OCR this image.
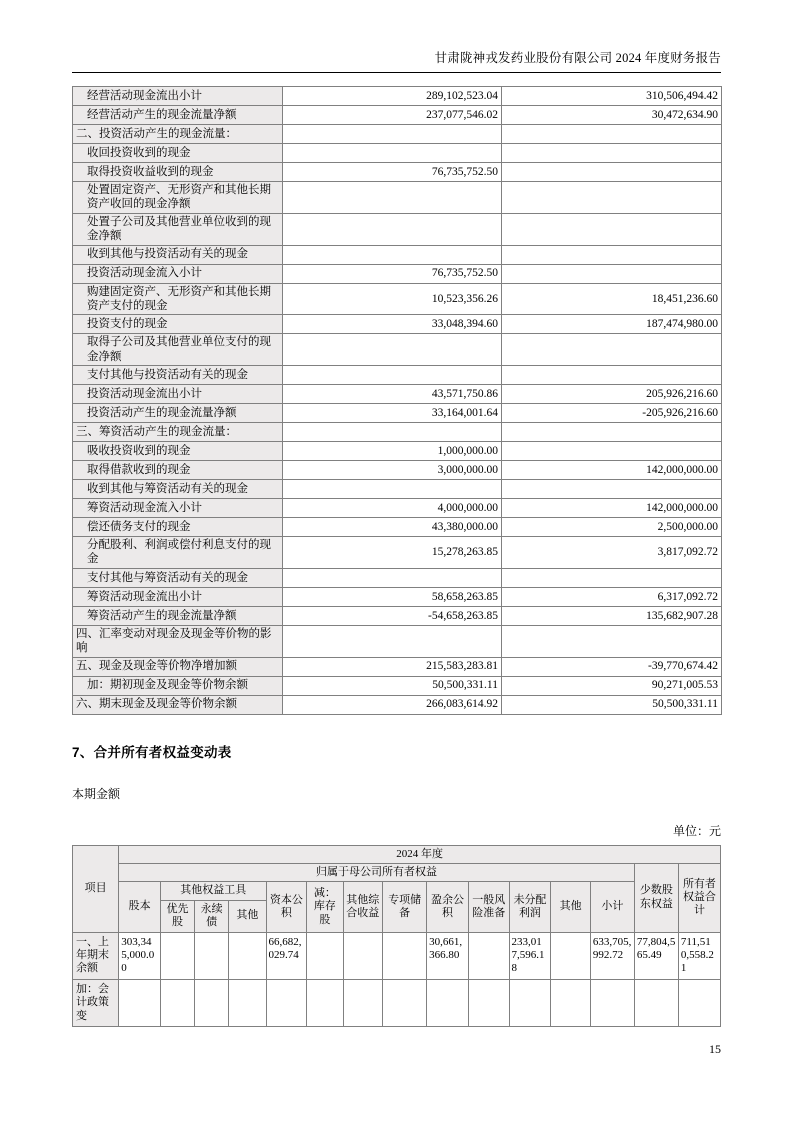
甘肃陇神戎发药业股份有限公司 2024 年度财务报告
经营活动现金流出小计	289,102,523.04	310,506,494.42
经营活动产生的现金流量净额	237,077,546.02	30,472,634.90
二、投资活动产生的现金流量：		
收回投资收到的现金		
取得投资收益收到的现金	76,735,752.50	
处置固定资产、无形资产和其他长期资产收回的现金净额		
处置子公司及其他营业单位收到的现金净额		
收到其他与投资活动有关的现金		
投资活动现金流入小计	76,735,752.50	
购建固定资产、无形资产和其他长期资产支付的现金	10,523,356.26	18,451,236.60
投资支付的现金	33,048,394.60	187,474,980.00
取得子公司及其他营业单位支付的现金净额		
支付其他与投资活动有关的现金		
投资活动现金流出小计	43,571,750.86	205,926,216.60
投资活动产生的现金流量净额	33,164,001.64	-205,926,216.60
三、筹资活动产生的现金流量：		
吸收投资收到的现金	1,000,000.00	
取得借款收到的现金	3,000,000.00	142,000,000.00
收到其他与筹资活动有关的现金		
筹资活动现金流入小计	4,000,000.00	142,000,000.00
偿还债务支付的现金	43,380,000.00	2,500,000.00
分配股利、利润或偿付利息支付的现金	15,278,263.85	3,817,092.72
支付其他与筹资活动有关的现金		
筹资活动现金流出小计	58,658,263.85	6,317,092.72
筹资活动产生的现金流量净额	-54,658,263.85	135,682,907.28
四、汇率变动对现金及现金等价物的影响		
五、现金及现金等价物净增加额	215,583,283.81	-39,770,674.42
加：期初现金及现金等价物余额	50,500,331.11	90,271,005.53
六、期末现金及现金等价物余额	266,083,614.92	50,500,331.11
7、合并所有者权益变动表
本期金额
单位：元
项目	2024 年度														
	归属于母公司所有者权益													少数股东权益	所有者权益合计
	股本	其他权益工具			资本公积	减：库存股	其他综合收益	专项储备	盈余公积	一般风险准备	未分配利润	其他	小计		
		优先股	永续债	其他											
一、上年期末余额	303,345,000.00				66,682,029.74				30,661,366.80		233,017,596.18		633,705,992.72	77,804,565.49	711,510,558.21
加：会计政策变															
15
